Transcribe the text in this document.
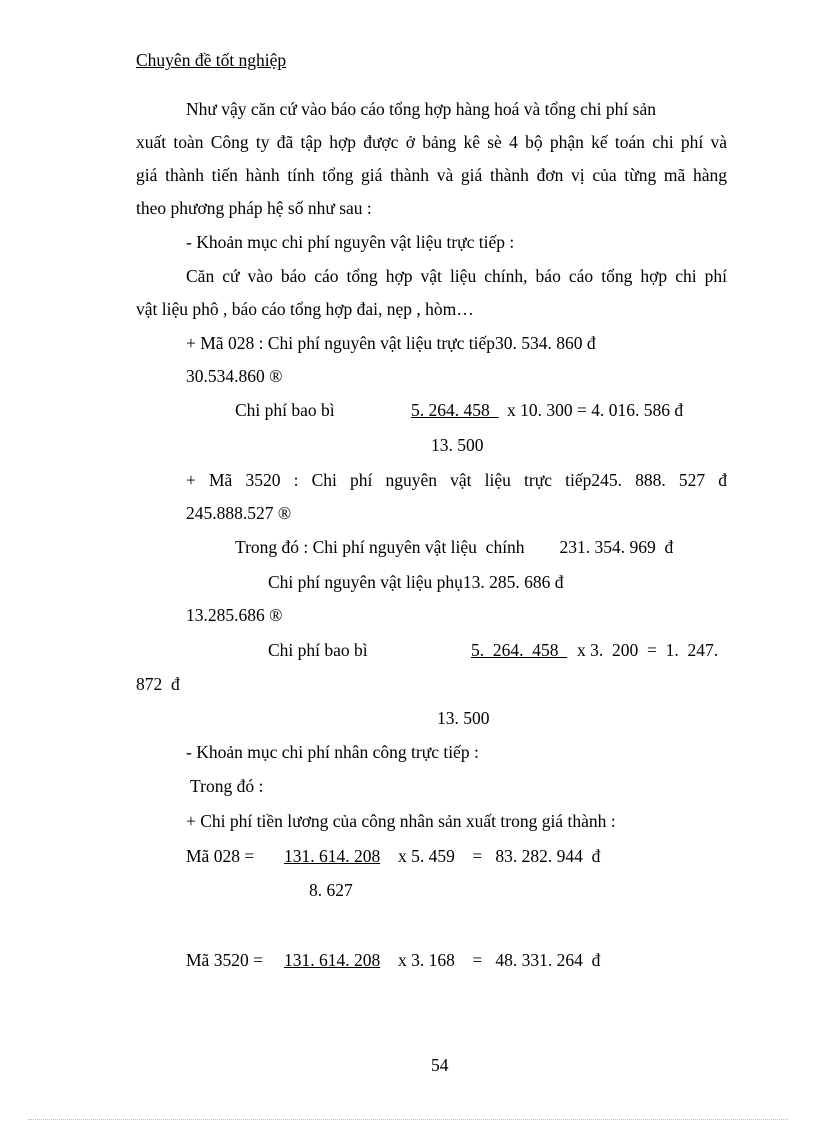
Chuyên đề tốt nghiệp
Như vậy căn cứ vào báo cáo tổng hợp hàng hoá và tổng chi phí sản
xuất toàn Công ty đã tập hợp được ở bảng kê sè 4 bộ phận kế toán chi phí và
giá thành tiến hành tính tổng giá thành và giá thành đơn vị của từng mã hàng
theo phương pháp hệ số như sau :
- Khoản mục chi phí nguyên vật liệu trực tiếp :
Căn cứ vào báo cáo tổng hợp vật liệu chính, báo cáo tổng hợp chi phí
vật liệu phô , báo cáo tổng hợp đai, nẹp , hòm…
+ Mã 028 : Chi phí nguyên vật liệu trực tiếp30. 534. 860 đ
30.534.860 ®
Chi phí bao bì	5. 264. 458 x 10. 300 = 4. 016. 586 đ
13. 500
+ Mã 3520 : Chi phí nguyên vật liệu trực tiếp245. 888. 527 đ
245.888.527 ®
Trong đó : Chi phí nguyên vật liệu  chính        231. 354. 969  đ
Chi phí nguyên vật liệu phụ13. 285. 686 đ
13.285.686 ®
Chi phí bao bì	5.  264.  458 x 3.  200  =  1.  247.
872  đ
13. 500
- Khoản mục chi phí nhân công trực tiếp :
Trong đó :
+ Chi phí tiền lương của công nhân sản xuất trong giá thành :
Mã 028 = 131. 614. 208 x 5. 459    =   83. 282. 944  đ
8. 627
Mã 3520 = 131. 614. 208 x 3. 168    =   48. 331. 264  đ
54
